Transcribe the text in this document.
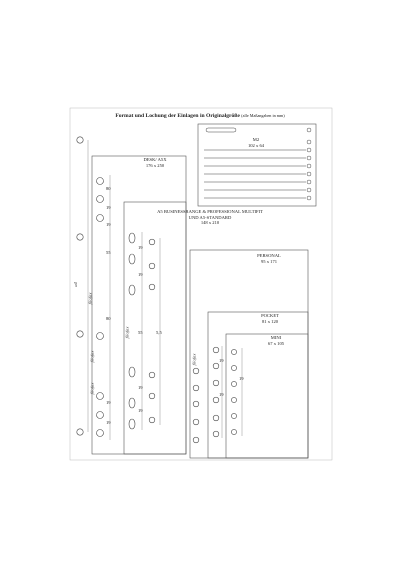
Format und Lochung der Einlagen in Originalgröße (alle Maßangaben in mm)
M2
102 x 64
DESK/ A5X
176 x 250
A5 BUSINESSRANGE & PROFESSIONAL MULTIFIT
UND A5-STANDARD
148 x 210
PERSONAL
95 x 171
POCKET
81 x 120
MINI
67 x 105
a4
filofax
filofax
filofax
filofax
filofax
80
19
19
55
19
19
80
19
19
55
19
19
5,5
19
19
19
